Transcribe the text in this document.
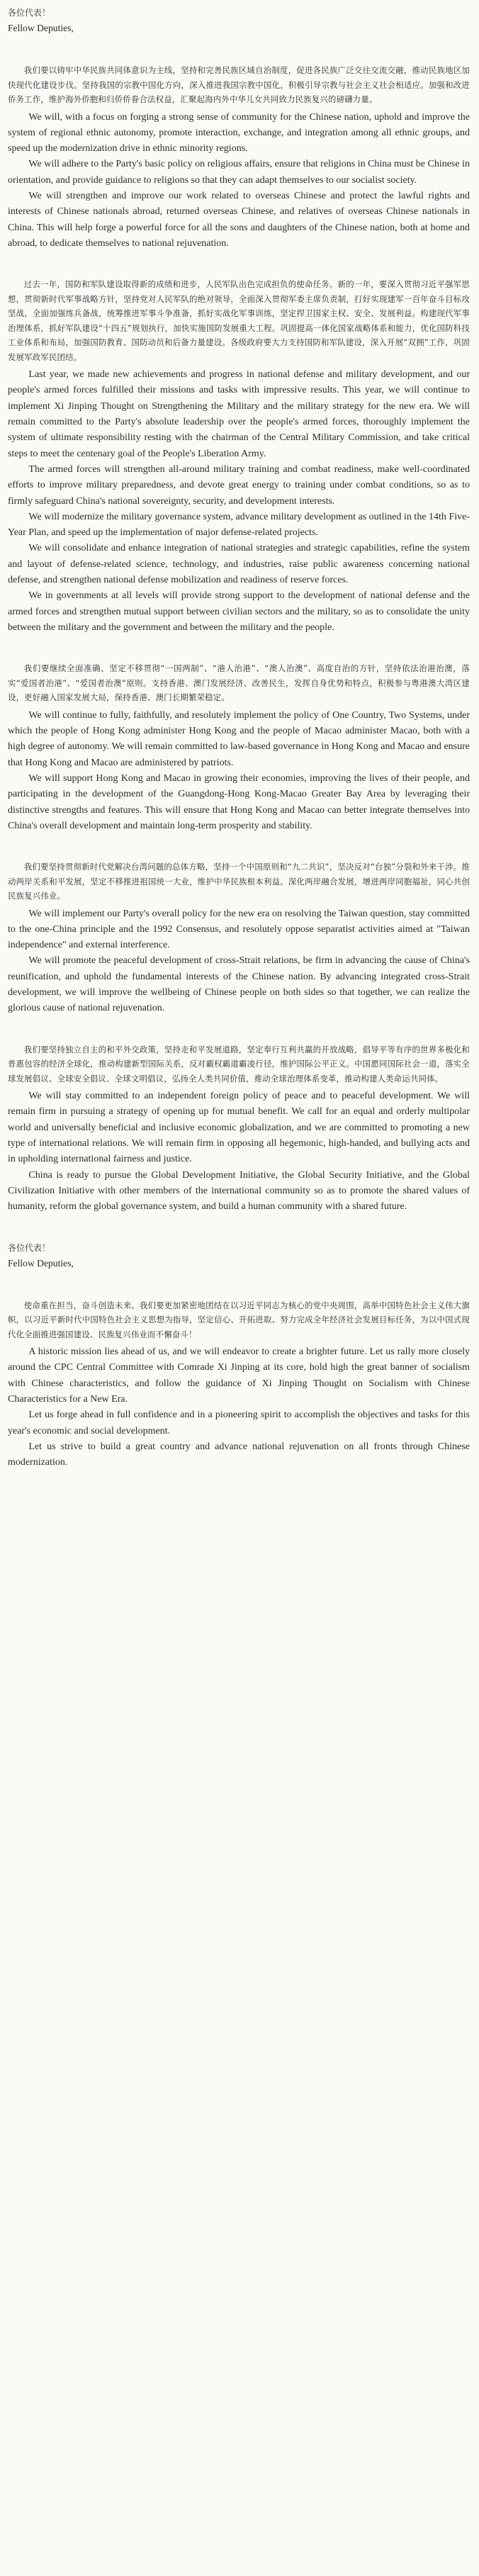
各位代表！

Fellow Deputies,

我们要以铸牢中华民族共同体意识为主线，坚持和完善民族区域自治制度，促进各民族广泛交往交流交融，推动民族地区加快现代化建设步伐。坚持我国的宗教中国化方向，深入推进我国宗教中国化，积极引导宗教与社会主义社会相适应。加强和改进侨务工作，维护海外侨胞和归侨侨眷合法权益，汇聚起海内外中华儿女共同致力民族复兴的磅礴力量。

We will, with a focus on forging a strong sense of community for the Chinese nation, uphold and improve the system of regional ethnic autonomy, promote interaction, exchange, and integration among all ethnic groups, and speed up the modernization drive in ethnic minority regions.

We will adhere to the Party's basic policy on religious affairs, ensure that religions in China must be Chinese in orientation, and provide guidance to religions so that they can adapt themselves to our socialist society.

We will strengthen and improve our work related to overseas Chinese and protect the lawful rights and interests of Chinese nationals abroad, returned overseas Chinese, and relatives of overseas Chinese nationals in China. This will help forge a powerful force for all the sons and daughters of the Chinese nation, both at home and abroad, to dedicate themselves to national rejuvenation.

过去一年，国防和军队建设取得新的成绩和进步，人民军队出色完成担负的使命任务。新的一年，要深入贯彻习近平强军思想，贯彻新时代军事战略方针，坚持党对人民军队的绝对领导，全面深入贯彻军委主席负责制，打好实现建军一百年奋斗目标攻坚战，全面加强练兵备战，统筹推进军事斗争准备，抓好实战化军事训练，坚定捍卫国家主权、安全、发展利益。构建现代军事治理体系，抓好军队建设“十四五”规划执行，加快实施国防发展重大工程。巩固提高一体化国家战略体系和能力，优化国防科技工业体系和布局，加强国防教育、国防动员和后备力量建设。各级政府要大力支持国防和军队建设，深入开展“双拥”工作，巩固发展军政军民团结。

Last year, we made new achievements and progress in national defense and military development, and our people's armed forces fulfilled their missions and tasks with impressive results. This year, we will continue to implement Xi Jinping Thought on Strengthening the Military and the military strategy for the new era. We will remain committed to the Party's absolute leadership over the people's armed forces, thoroughly implement the system of ultimate responsibility resting with the chairman of the Central Military Commission, and take critical steps to meet the centenary goal of the People's Liberation Army.

The armed forces will strengthen all-around military training and combat readiness, make well-coordinated efforts to improve military preparedness, and devote great energy to training under combat conditions, so as to firmly safeguard China's national sovereignty, security, and development interests.

We will modernize the military governance system, advance military development as outlined in the 14th Five-Year Plan, and speed up the implementation of major defense-related projects.

We will consolidate and enhance integration of national strategies and strategic capabilities, refine the system and layout of defense-related science, technology, and industries, raise public awareness concerning national defense, and strengthen national defense mobilization and readiness of reserve forces.

We in governments at all levels will provide strong support to the development of national defense and the armed forces and strengthen mutual support between civilian sectors and the military, so as to consolidate the unity between the military and the government and between the military and the people.

我们要继续全面准确、坚定不移贯彻“一国两制”、“港人治港”、“澳人治澳”、高度自治的方针，坚持依法治港治澳，落实“爱国者治港”、“爱国者治澳”原则。支持香港、澳门发展经济、改善民生，发挥自身优势和特点，积极参与粤港澳大湾区建设，更好融入国家发展大局，保持香港、澳门长期繁荣稳定。

We will continue to fully, faithfully, and resolutely implement the policy of One Country, Two Systems, under which the people of Hong Kong administer Hong Kong and the people of Macao administer Macao, both with a high degree of autonomy. We will remain committed to law-based governance in Hong Kong and Macao and ensure that Hong Kong and Macao are administered by patriots.

We will support Hong Kong and Macao in growing their economies, improving the lives of their people, and participating in the development of the Guangdong-Hong Kong-Macao Greater Bay Area by leveraging their distinctive strengths and features. This will ensure that Hong Kong and Macao can better integrate themselves into China's overall development and maintain long-term prosperity and stability.

我们要坚持贯彻新时代党解决台湾问题的总体方略，坚持一个中国原则和“九二共识”，坚决反对“台独”分裂和外来干涉。推动两岸关系和平发展，坚定不移推进祖国统一大业，维护中华民族根本利益。深化两岸融合发展，增进两岸同胞福祉，同心共创民族复兴伟业。

We will implement our Party's overall policy for the new era on resolving the Taiwan question, stay committed to the one-China principle and the 1992 Consensus, and resolutely oppose separatist activities aimed at "Taiwan independence" and external interference.

We will promote the peaceful development of cross-Strait relations, be firm in advancing the cause of China's reunification, and uphold the fundamental interests of the Chinese nation. By advancing integrated cross-Strait development, we will improve the wellbeing of Chinese people on both sides so that together, we can realize the glorious cause of national rejuvenation.

我们要坚持独立自主的和平外交政策，坚持走和平发展道路，坚定奉行互利共赢的开放战略，倡导平等有序的世界多极化和普惠包容的经济全球化，推动构建新型国际关系，反对霸权霸道霸凌行径，维护国际公平正义。中国愿同国际社会一道，落实全球发展倡议、全球安全倡议、全球文明倡议，弘扬全人类共同价值，推动全球治理体系变革，推动构建人类命运共同体。

We will stay committed to an independent foreign policy of peace and to peaceful development. We will remain firm in pursuing a strategy of opening up for mutual benefit. We call for an equal and orderly multipolar world and universally beneficial and inclusive economic globalization, and we are committed to promoting a new type of international relations. We will remain firm in opposing all hegemonic, high-handed, and bullying acts and in upholding international fairness and justice.

China is ready to pursue the Global Development Initiative, the Global Security Initiative, and the Global Civilization Initiative with other members of the international community so as to promote the shared values of humanity, reform the global governance system, and build a human community with a shared future.

各位代表！

Fellow Deputies,

使命重在担当，奋斗创造未来。我们要更加紧密地团结在以习近平同志为核心的党中央周围，高举中国特色社会主义伟大旗帜，以习近平新时代中国特色社会主义思想为指导，坚定信心、开拓进取、努力完成全年经济社会发展目标任务，为以中国式现代化全面推进强国建设、民族复兴伟业而不懈奋斗！

A historic mission lies ahead of us, and we will endeavor to create a brighter future. Let us rally more closely around the CPC Central Committee with Comrade Xi Jinping at its core, hold high the great banner of socialism with Chinese characteristics, and follow the guidance of Xi Jinping Thought on Socialism with Chinese Characteristics for a New Era.

Let us forge ahead in full confidence and in a pioneering spirit to accomplish the objectives and tasks for this year's economic and social development.

Let us strive to build a great country and advance national rejuvenation on all fronts through Chinese modernization.
